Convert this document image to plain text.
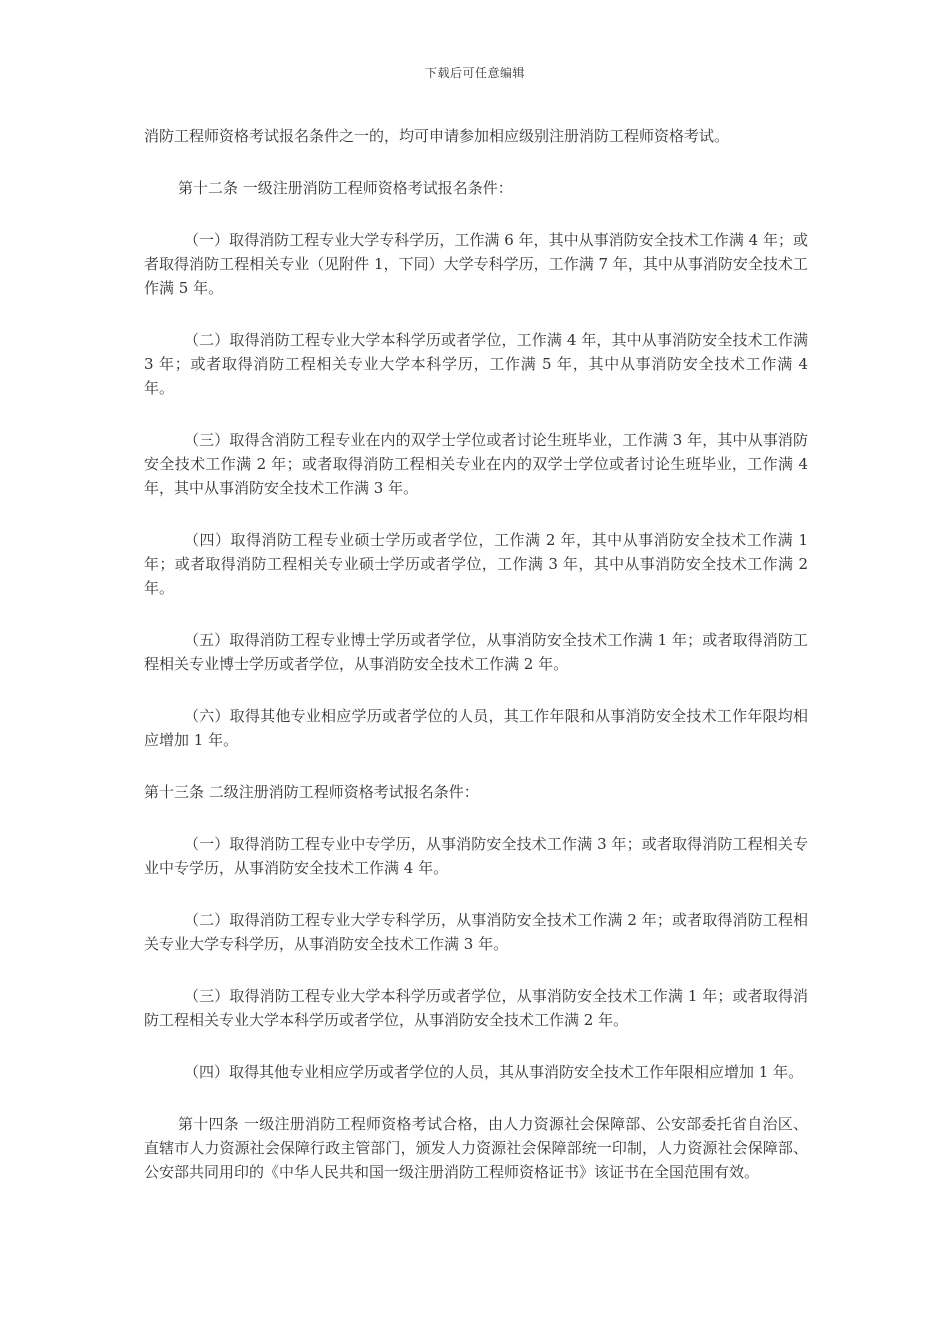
下载后可任意编辑

消防工程师资格考试报名条件之一的，均可申请参加相应级别注册消防工程师资格考试。

第十二条 一级注册消防工程师资格考试报名条件：

（一）取得消防工程专业大学专科学历，工作满 6 年，其中从事消防安全技术工作满 4 年；或者取得消防工程相关专业（见附件 1，下同）大学专科学历，工作满 7 年，其中从事消防安全技术工作满 5 年。

（二）取得消防工程专业大学本科学历或者学位，工作满 4 年，其中从事消防安全技术工作满 3 年；或者取得消防工程相关专业大学本科学历，工作满 5 年，其中从事消防安全技术工作满 4 年。

（三）取得含消防工程专业在内的双学士学位或者讨论生班毕业，工作满 3 年，其中从事消防安全技术工作满 2 年；或者取得消防工程相关专业在内的双学士学位或者讨论生班毕业，工作满 4 年，其中从事消防安全技术工作满 3 年。

（四）取得消防工程专业硕士学历或者学位，工作满 2 年，其中从事消防安全技术工作满 1 年；或者取得消防工程相关专业硕士学历或者学位，工作满 3 年，其中从事消防安全技术工作满 2 年。

（五）取得消防工程专业博士学历或者学位，从事消防安全技术工作满 1 年；或者取得消防工程相关专业博士学历或者学位，从事消防安全技术工作满 2 年。

（六）取得其他专业相应学历或者学位的人员，其工作年限和从事消防安全技术工作年限均相应增加 1 年。

第十三条 二级注册消防工程师资格考试报名条件：

（一）取得消防工程专业中专学历，从事消防安全技术工作满 3 年；或者取得消防工程相关专业中专学历，从事消防安全技术工作满 4 年。

（二）取得消防工程专业大学专科学历，从事消防安全技术工作满 2 年；或者取得消防工程相关专业大学专科学历，从事消防安全技术工作满 3 年。

（三）取得消防工程专业大学本科学历或者学位，从事消防安全技术工作满 1 年；或者取得消防工程相关专业大学本科学历或者学位，从事消防安全技术工作满 2 年。

（四）取得其他专业相应学历或者学位的人员，其从事消防安全技术工作年限相应增加 1 年。

第十四条 一级注册消防工程师资格考试合格，由人力资源社会保障部、公安部委托省自治区、直辖市人力资源社会保障行政主管部门，颁发人力资源社会保障部统一印制，人力资源社会保障部、公安部共同用印的《中华人民共和国一级注册消防工程师资格证书》该证书在全国范围有效。
